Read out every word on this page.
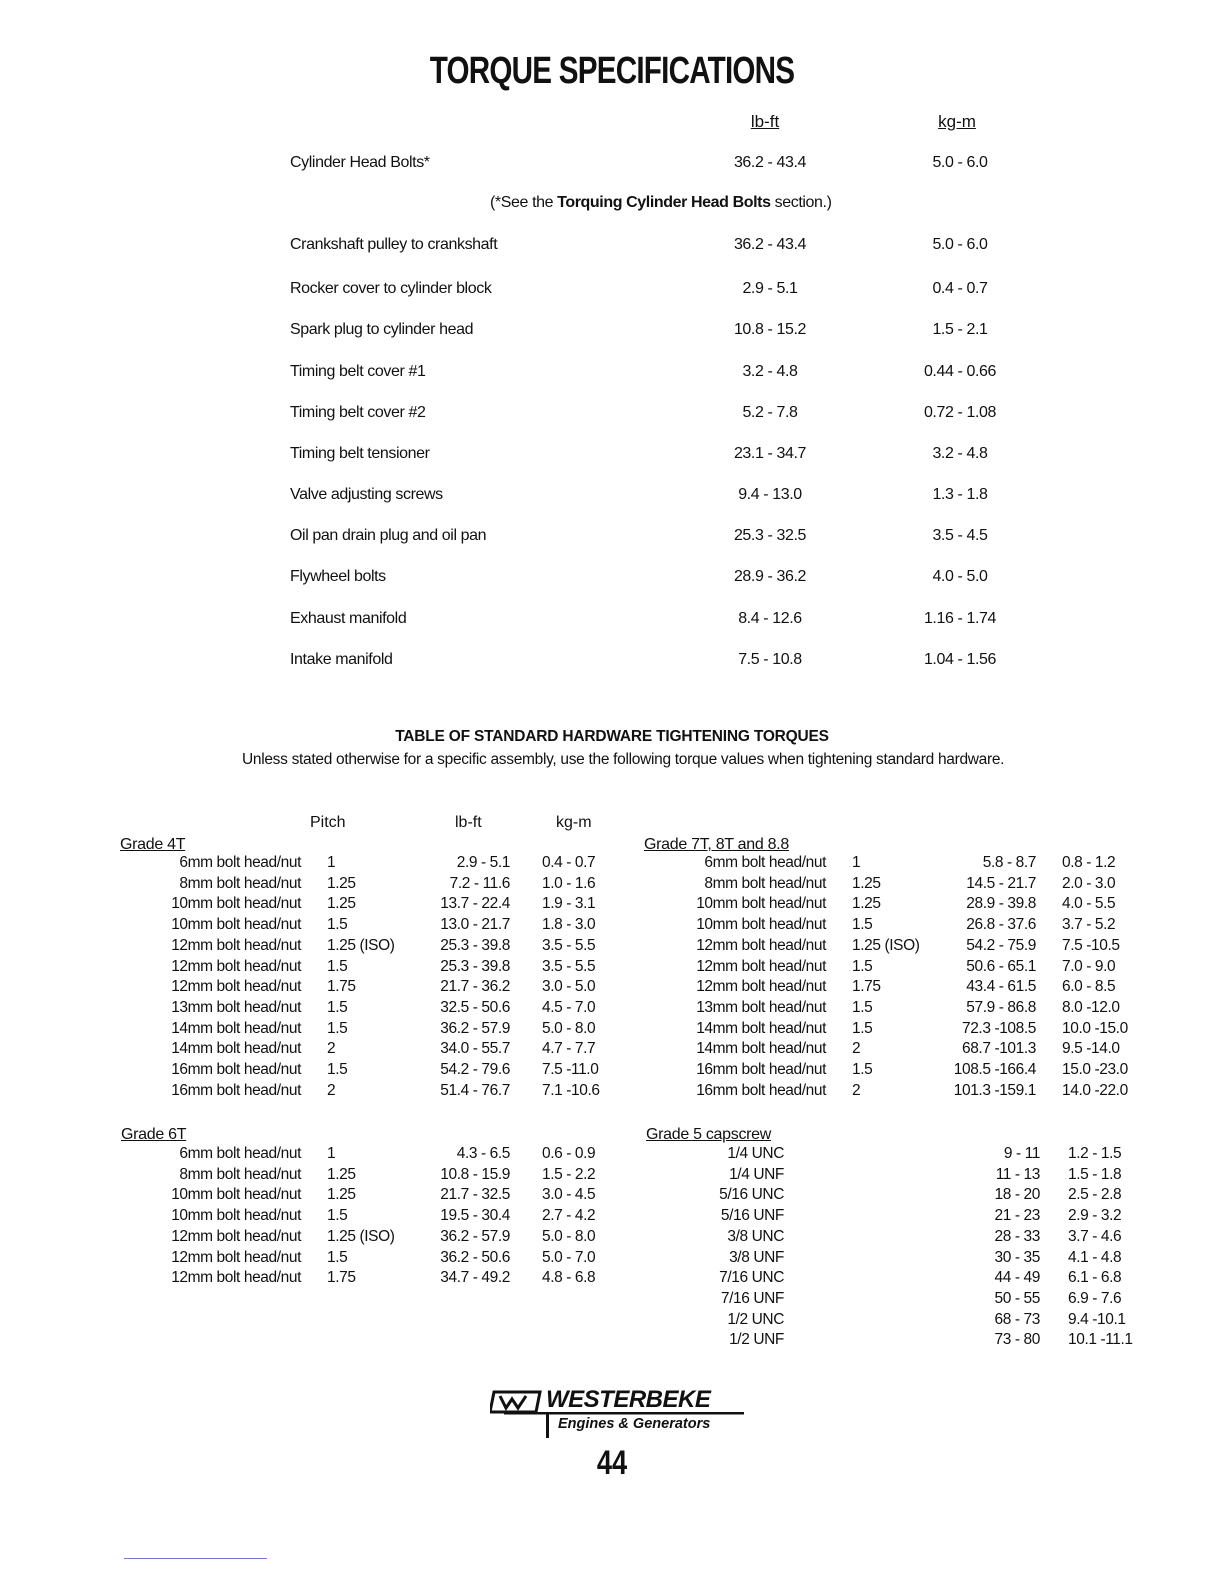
TORQUE SPECIFICATIONS
lb-ft	kg-m
Cylinder Head Bolts*	36.2 - 43.4	5.0 - 6.0
Crankshaft pulley to crankshaft	36.2 - 43.4	5.0 - 6.0
Rocker cover to cylinder block	2.9 - 5.1	0.4 - 0.7
Spark plug to cylinder head	10.8 - 15.2	1.5 - 2.1
Timing belt cover #1	3.2 - 4.8	0.44 - 0.66
Timing belt cover #2	5.2 - 7.8	0.72 - 1.08
Timing belt tensioner	23.1 - 34.7	3.2 - 4.8
Valve adjusting screws	9.4 - 13.0	1.3 - 1.8
Oil pan drain plug and oil pan	25.3 - 32.5	3.5 - 4.5
Flywheel bolts	28.9 - 36.2	4.0 - 5.0
Exhaust manifold	8.4 - 12.6	1.16 - 1.74
Intake manifold	7.5 - 10.8	1.04 - 1.56
(*See the Torquing Cylinder Head Bolts section.)
TABLE OF STANDARD HARDWARE TIGHTENING TORQUES
Unless stated otherwise for a specific assembly, use the following torque values when tightening standard hardware.
Pitch	lb-ft	kg-m
Grade 4T	Grade 7T, 8T and 8.8
Grade 6T	Grade 5 capscrew
6mm bolt head/nut 1	2.9 - 5.1 0.4 - 0.7
8mm bolt head/nut 1.25	7.2 - 11.6 1.0 - 1.6
10mm bolt head/nut 1.25	13.7 - 22.4 1.9 - 3.1
10mm bolt head/nut 1.5	13.0 - 21.7 1.8 - 3.0
12mm bolt head/nut 1.25 (ISO)	25.3 - 39.8 3.5 - 5.5
12mm bolt head/nut 1.5	25.3 - 39.8 3.5 - 5.5
12mm bolt head/nut 1.75	21.7 - 36.2 3.0 - 5.0
13mm bolt head/nut 1.5	32.5 - 50.6 4.5 - 7.0
14mm bolt head/nut 1.5	36.2 - 57.9 5.0 - 8.0
14mm bolt head/nut 2	34.0 - 55.7 4.7 - 7.7
16mm bolt head/nut 1.5	54.2 - 79.6 7.5 -11.0
16mm bolt head/nut 2	51.4 - 76.7 7.1 -10.6
6mm bolt head/nut 1	5.8 - 8.7 0.8 - 1.2
8mm bolt head/nut 1.25	14.5 - 21.7 2.0 - 3.0
10mm bolt head/nut 1.25	28.9 - 39.8 4.0 - 5.5
10mm bolt head/nut 1.5	26.8 - 37.6 3.7 - 5.2
12mm bolt head/nut 1.25 (ISO)	54.2 - 75.9 7.5 -10.5
12mm bolt head/nut 1.5	50.6 - 65.1 7.0 - 9.0
12mm bolt head/nut 1.75	43.4 - 61.5 6.0 - 8.5
13mm bolt head/nut 1.5	57.9 - 86.8 8.0 -12.0
14mm bolt head/nut 1.5	72.3 -108.5 10.0 -15.0
14mm bolt head/nut 2	68.7 -101.3 9.5 -14.0
16mm bolt head/nut 1.5	108.5 -166.4 15.0 -23.0
16mm bolt head/nut 2	101.3 -159.1 14.0 -22.0
6mm bolt head/nut 1	4.3 - 6.5 0.6 - 0.9
8mm bolt head/nut 1.25	10.8 - 15.9 1.5 - 2.2
10mm bolt head/nut 1.25	21.7 - 32.5 3.0 - 4.5
10mm bolt head/nut 1.5	19.5 - 30.4 2.7 - 4.2
12mm bolt head/nut 1.25 (ISO)	36.2 - 57.9 5.0 - 8.0
12mm bolt head/nut 1.5	36.2 - 50.6 5.0 - 7.0
12mm bolt head/nut 1.75	34.7 - 49.2 4.8 - 6.8
1/4 UNC	9 - 11 1.2 - 1.5
1/4 UNF	11 - 13 1.5 - 1.8
5/16 UNC	18 - 20 2.5 - 2.8
5/16 UNF	21 - 23 2.9 - 3.2
3/8 UNC	28 - 33 3.7 - 4.6
3/8 UNF	30 - 35 4.1 - 4.8
7/16 UNC	44 - 49 6.1 - 6.8
7/16 UNF	50 - 55 6.9 - 7.6
1/2 UNC	68 - 73 9.4 -10.1
1/2 UNF	73 - 80 10.1 -11.1
WESTERBEKE
Engines & Generators
44
